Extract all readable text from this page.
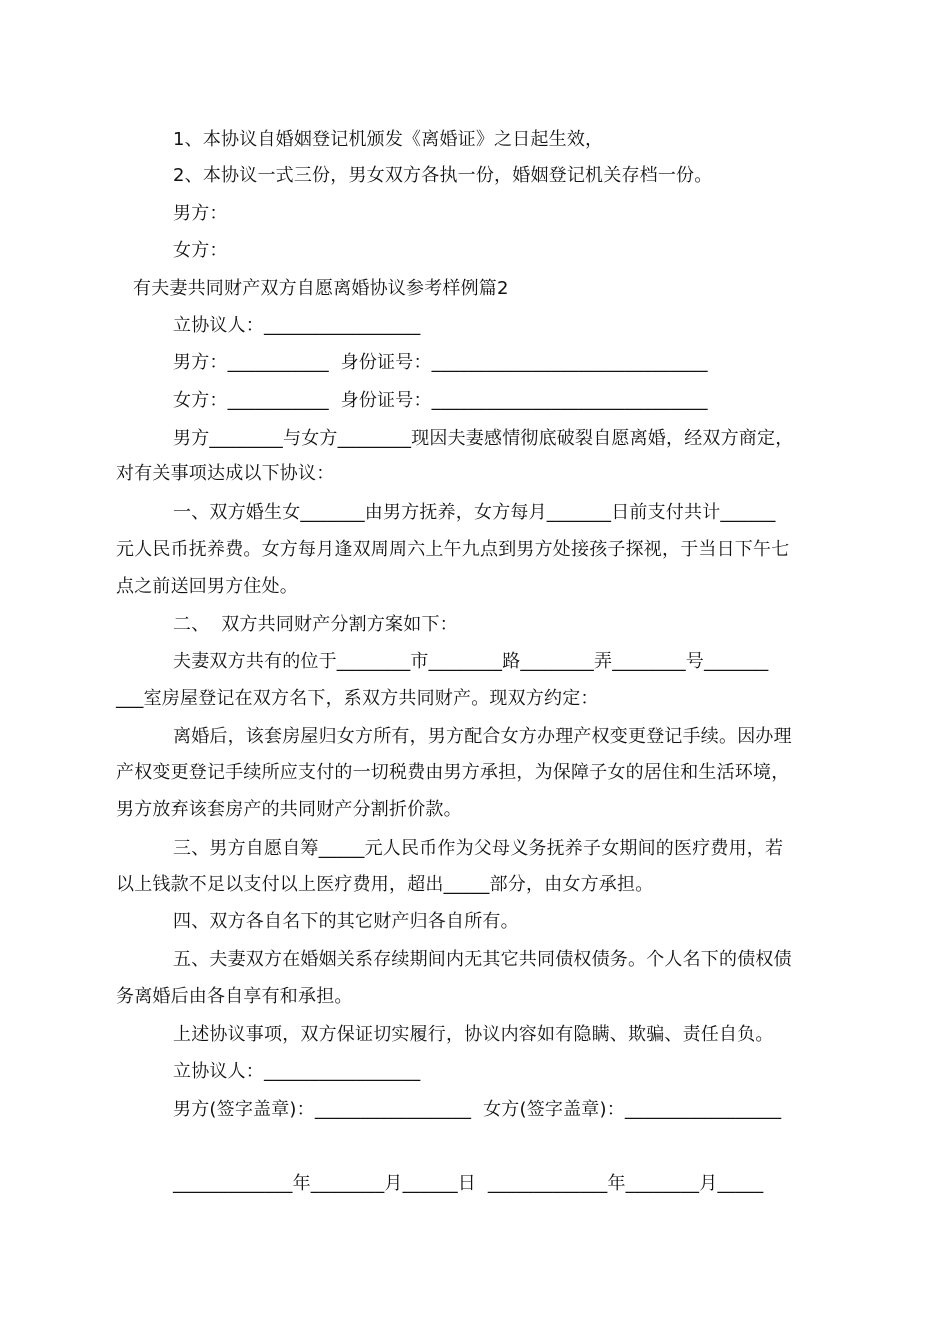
1、本协议自婚姻登记机颁发《离婚证》之日起生效，
2、本协议一式三份，男女双方各执一份，婚姻登记机关存档一份。
男方：
女方：
有夫妻共同财产双方自愿离婚协议参考样例篇2
立协议人：_________________
男方：___________  身份证号：______________________________
女方：___________  身份证号：______________________________
男方________与女方________现因夫妻感情彻底破裂自愿离婚，经双方商定，
对有关事项达成以下协议：
一、双方婚生女_______由男方抚养，女方每月_______日前支付共计______
元人民币抚养费。女方每月逢双周周六上午九点到男方处接孩子探视，于当日下午七
点之前送回男方住处。
二、  双方共同财产分割方案如下：
夫妻双方共有的位于________市________路________弄________号_______
___室房屋登记在双方名下，系双方共同财产。现双方约定：
离婚后，该套房屋归女方所有，男方配合女方办理产权变更登记手续。因办理
产权变更登记手续所应支付的一切税费由男方承担，为保障子女的居住和生活环境，
男方放弃该套房产的共同财产分割折价款。
三、男方自愿自筹_____元人民币作为父母义务抚养子女期间的医疗费用，若
以上钱款不足以支付以上医疗费用，超出_____部分，由女方承担。
四、双方各自名下的其它财产归各自所有。
五、夫妻双方在婚姻关系存续期间内无其它共同债权债务。个人名下的债权债
务离婚后由各自享有和承担。
上述协议事项，双方保证切实履行，协议内容如有隐瞒、欺骗、责任自负。
立协议人：_________________
男方(签字盖章)：_________________  女方(签字盖章)：_________________
_____________年________月______日  _____________年________月_____
